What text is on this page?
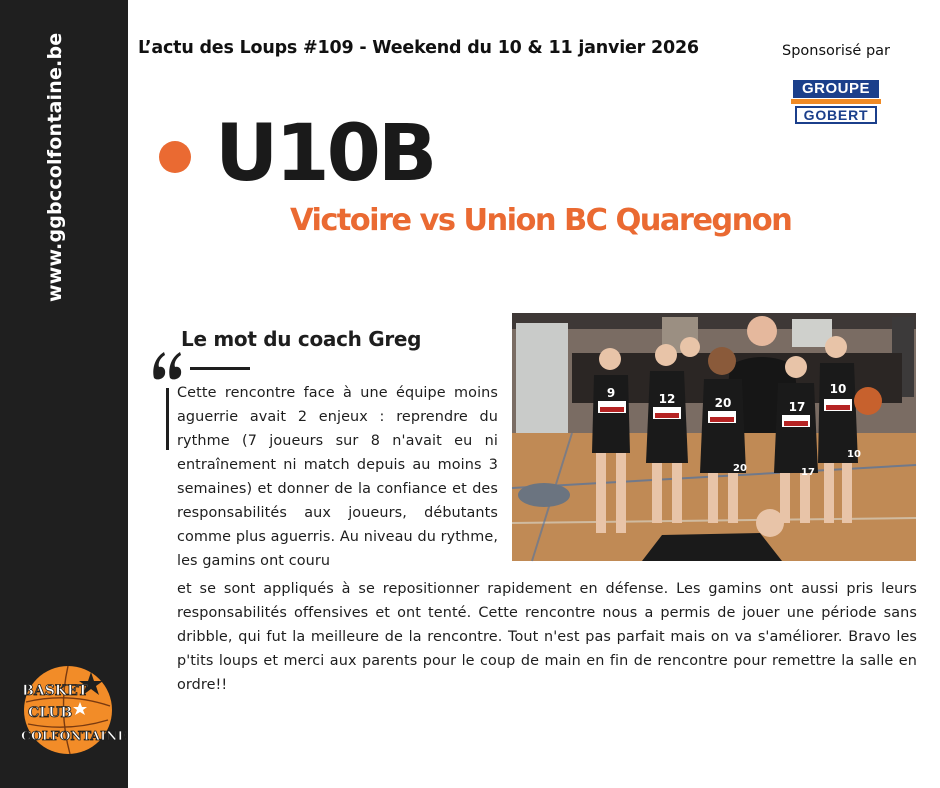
www.ggbccolfontaine.be
BASKET
CLUB
COLFONTAINE
L’actu des Loups #109 - Weekend du 10 & 11 janvier 2026	Sponsorisé par
GROUPE
GOBERT
U10B
Victoire vs Union BC Quaregnon
Le mot du coach Greg
Cette rencontre face à une équipe moins aguerrie avait 2 enjeux : reprendre du rythme (7 joueurs sur 8 n'avait eu ni entraînement ni match depuis au moins 3 semaines) et donner de la confiance et des responsabilités aux joueurs, débutants comme plus aguerris. Au niveau du rythme, les gamins ont couru
et se sont appliqués à se repositionner rapidement en défense. Les gamins ont aussi pris leurs responsabilités offensives et ont tenté. Cette rencontre nous a permis de jouer une période sans dribble, qui fut la meilleure de la rencontre. Tout n'est pas parfait mais on va s'améliorer. Bravo les p'tits loups et merci aux parents pour le coup de main en fin de rencontre pour remettre la salle en ordre!!
9	12	20	17
10
20	17
10
